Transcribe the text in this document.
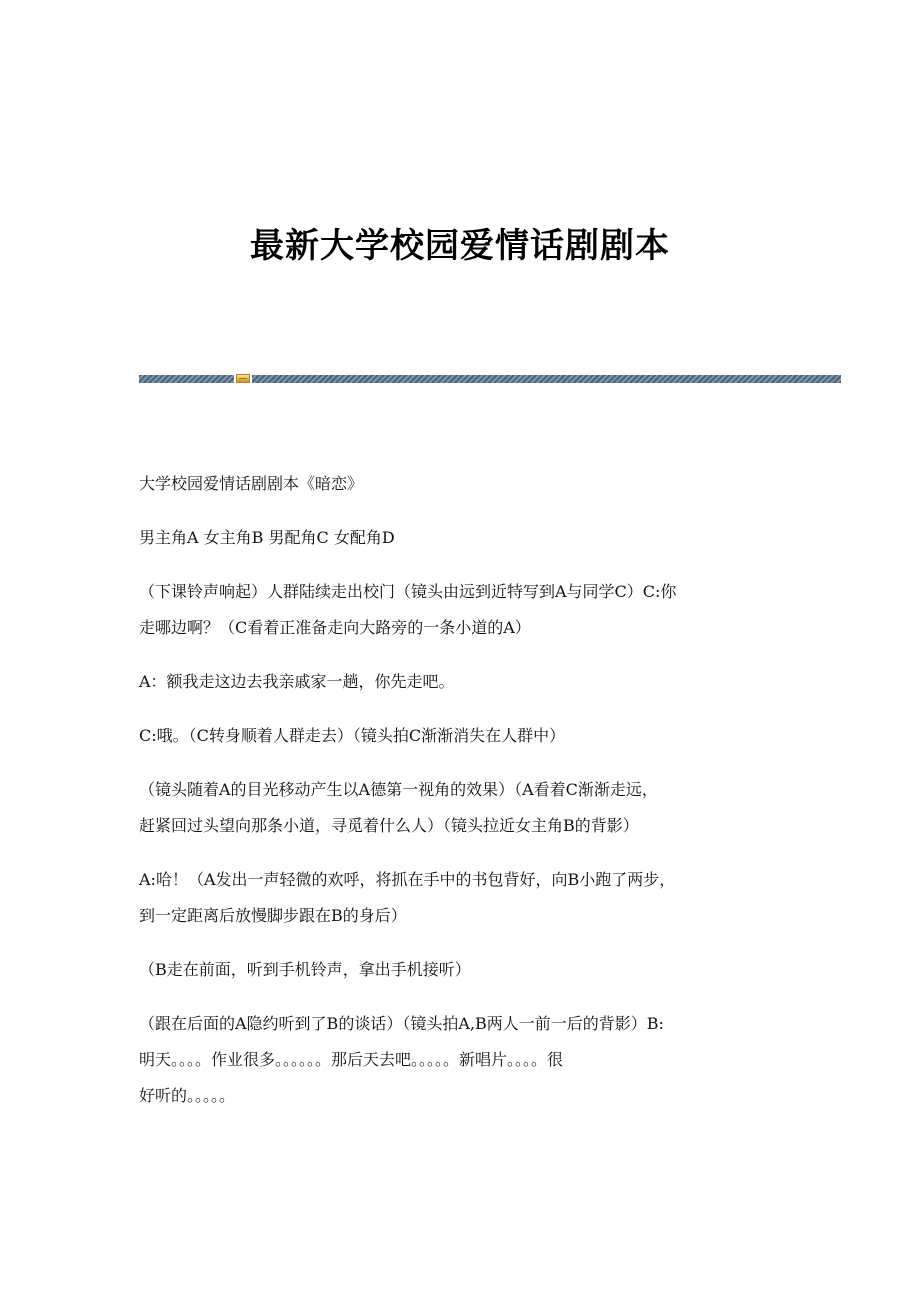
最新大学校园爱情话剧剧本

大学校园爱情话剧剧本《暗恋》

男主角A 女主角B 男配角C 女配角D

（下课铃声响起）人群陆续走出校门（镜头由远到近特写到A与同学C）C:你
走哪边啊？（C看着正准备走向大路旁的一条小道的A）

A：额我走这边去我亲戚家一趟，你先走吧。

C:哦。（C转身顺着人群走去）（镜头拍C渐渐消失在人群中）

（镜头随着A的目光移动产生以A德第一视角的效果）（A看着C渐渐走远，
赶紧回过头望向那条小道，寻觅着什么人）（镜头拉近女主角B的背影）

A:哈！（A发出一声轻微的欢呼，将抓在手中的书包背好，向B小跑了两步，
到一定距离后放慢脚步跟在B的身后）

（B走在前面，听到手机铃声，拿出手机接听）

（跟在后面的A隐约听到了B的谈话）（镜头拍A,B两人一前一后的背影）B:
明天。。。。作业很多。。。。。。那后天去吧。。。。。新唱片。。。。很
好听的。。。。。
